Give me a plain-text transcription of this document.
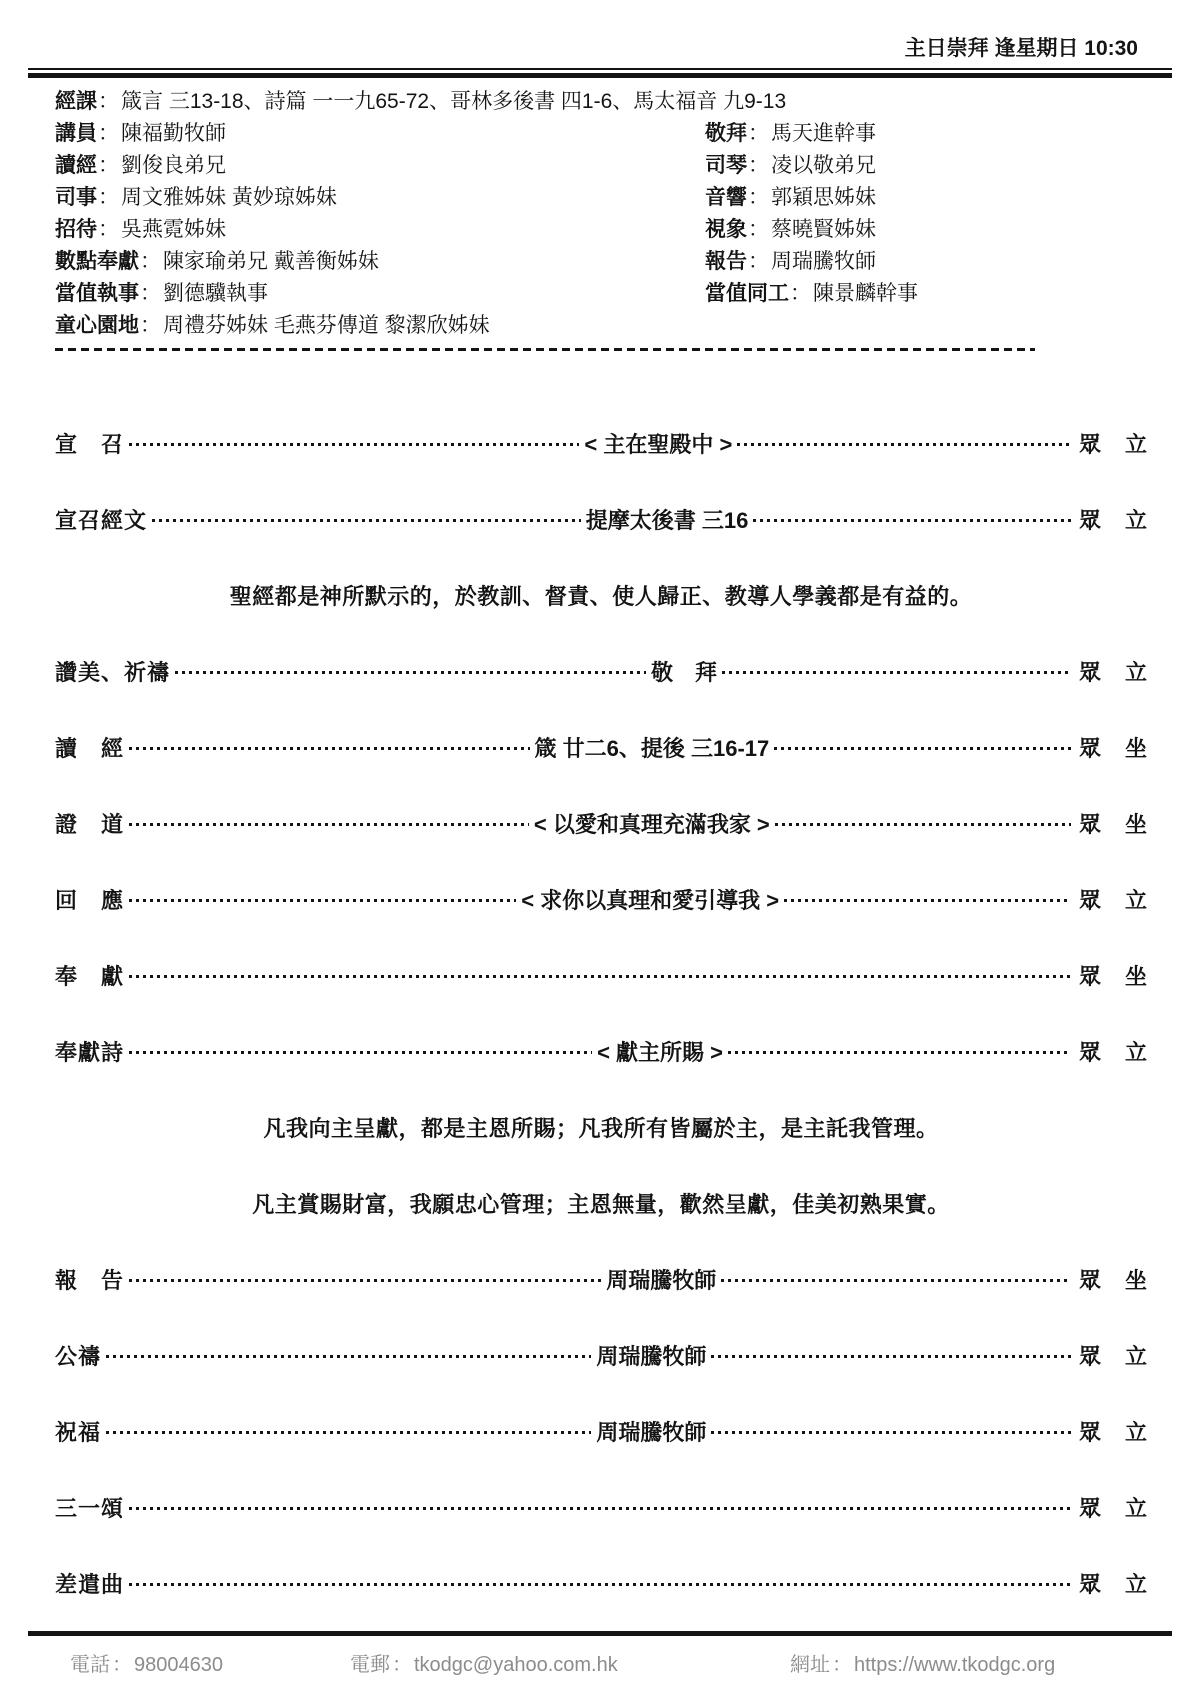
主日崇拜 逢星期日 10:30
經課 ： 箴言 三13-18、詩篇 一一九65-72、哥林多後書 四1-6、馬太福音 九9-13
講員：陳福勤牧師	敬拜：馬天進幹事
讀經：劉俊良弟兄	司琴：凌以敬弟兄
司事：周文雅姊妹 黃妙琼姊妹	音響：郭穎思姊妹
招待：吳燕霓姊妹	視象：蔡曉賢姊妹
數點奉獻：陳家瑜弟兄 戴善衡姊妹	報告：周瑞騰牧師
當值執事：劉德驥執事	當值同工：陳景麟幹事
童心園地：周禮芬姊妹 毛燕芬傳道 黎潔欣姊妹
宣　召	< 主在聖殿中 >	眾 立
宣召經文	提摩太後書 三16	眾 立
聖經都是神所默示的，於教訓、督責、使人歸正、教導人學義都是有益的。
讚美、祈禱	敬　拜	眾 立
讀　經	箴 廿二6、提後 三16-17	眾 坐
證　道	< 以愛和真理充滿我家 >	眾 坐
回　應	< 求你以真理和愛引導我 >	眾 立
奉　獻	眾 坐
奉獻詩	< 獻主所賜 >	眾 立
凡我向主呈獻，都是主恩所賜；凡我所有皆屬於主，是主託我管理。
凡主賞賜財富，我願忠心管理；主恩無量，歡然呈獻，佳美初熟果實。
報　告	周瑞騰牧師	眾 坐
公禱	周瑞騰牧師	眾 立
祝福	周瑞騰牧師	眾 立
三一頌	眾 立
差遣曲	眾 立
電話 ： 98004630	電郵 ： tkodgc@yahoo.com.hk	網址 ： https://www.tkodgc.org
